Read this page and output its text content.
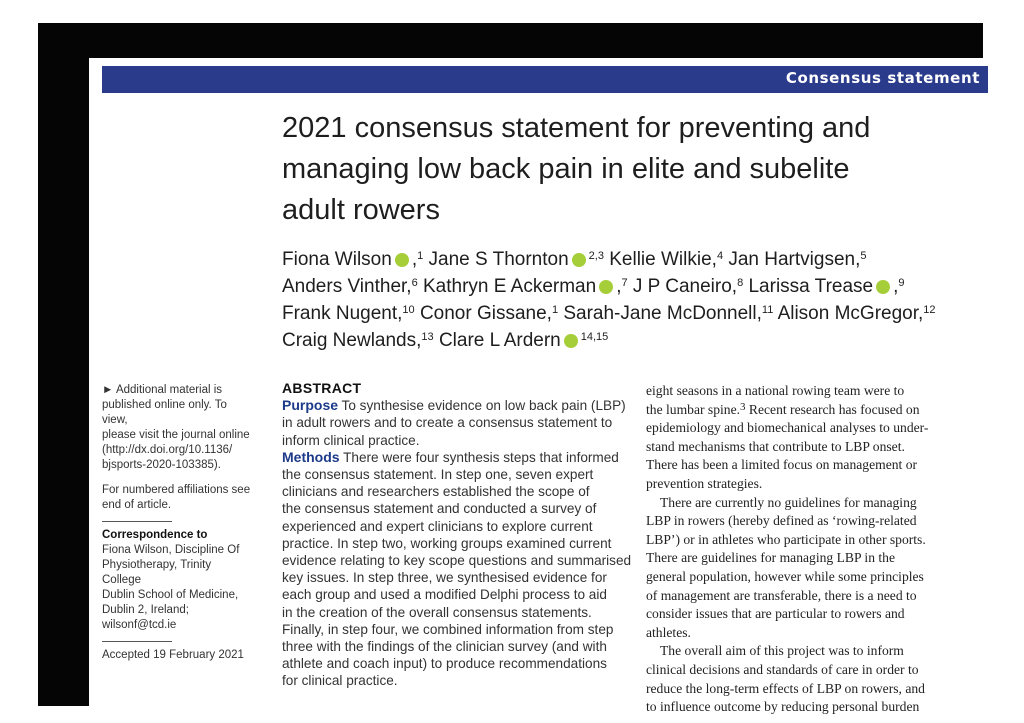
Consensus statement
2021 consensus statement for preventing and
managing low back pain in elite and subelite
adult rowers
Fiona Wilson ,$^1$ Jane S Thornton $^{2,3}$ Kellie Wilkie,$^4$ Jan Hartvigsen,$^5$
Anders Vinther,$^6$ Kathryn E Ackerman ,$^7$ J P Caneiro,$^8$ Larissa Trease ,$^9$
Frank Nugent,$^{10}$ Conor Gissane,$^1$ Sarah-Jane McDonnell,$^{11}$ Alison McGregor,$^{12}$
Craig Newlands,$^{13}$ Clare L Ardern $^{14,15}$

► Additional material is

published online only. To view,

please visit the journal online

(http://dx.doi.org/10.1136/

bjsports-2020-103385).

For numbered affiliations see

end of article.

Correspondence to

Fiona Wilson, Discipline Of

Physiotherapy, Trinity College

Dublin School of Medicine,

Dublin 2, Ireland;

wilsonf@tcd.ie

Accepted 19 February 2021

ABSTRACT
Purpose To synthesise evidence on low back pain (LBP)
in adult rowers and to create a consensus statement to
inform clinical practice.
Methods There were four synthesis steps that informed
the consensus statement. In step one, seven expert
clinicians and researchers established the scope of
the consensus statement and conducted a survey of
experienced and expert clinicians to explore current
practice. In step two, working groups examined current
evidence relating to key scope questions and summarised
key issues. In step three, we synthesised evidence for
each group and used a modified Delphi process to aid
in the creation of the overall consensus statements.
Finally, in step four, we combined information from step
three with the findings of the clinician survey (and with
athlete and coach input) to produce recommendations
for clinical practice.
eight seasons in a national rowing team were to
the lumbar spine.$^3$ Recent research has focused on
epidemiology and biomechanical analyses to under-
stand mechanisms that contribute to LBP onset.
There has been a limited focus on management or
prevention strategies.
There are currently no guidelines for managing
LBP in rowers (hereby defined as ‘rowing-related
LBP’) or in athletes who participate in other sports.
There are guidelines for managing LBP in the
general population, however while some principles
of management are transferable, there is a need to
consider issues that are particular to rowers and
athletes.
The overall aim of this project was to inform
clinical decisions and standards of care in order to
reduce the long-term effects of LBP on rowers, and
to influence outcome by reducing personal burden
